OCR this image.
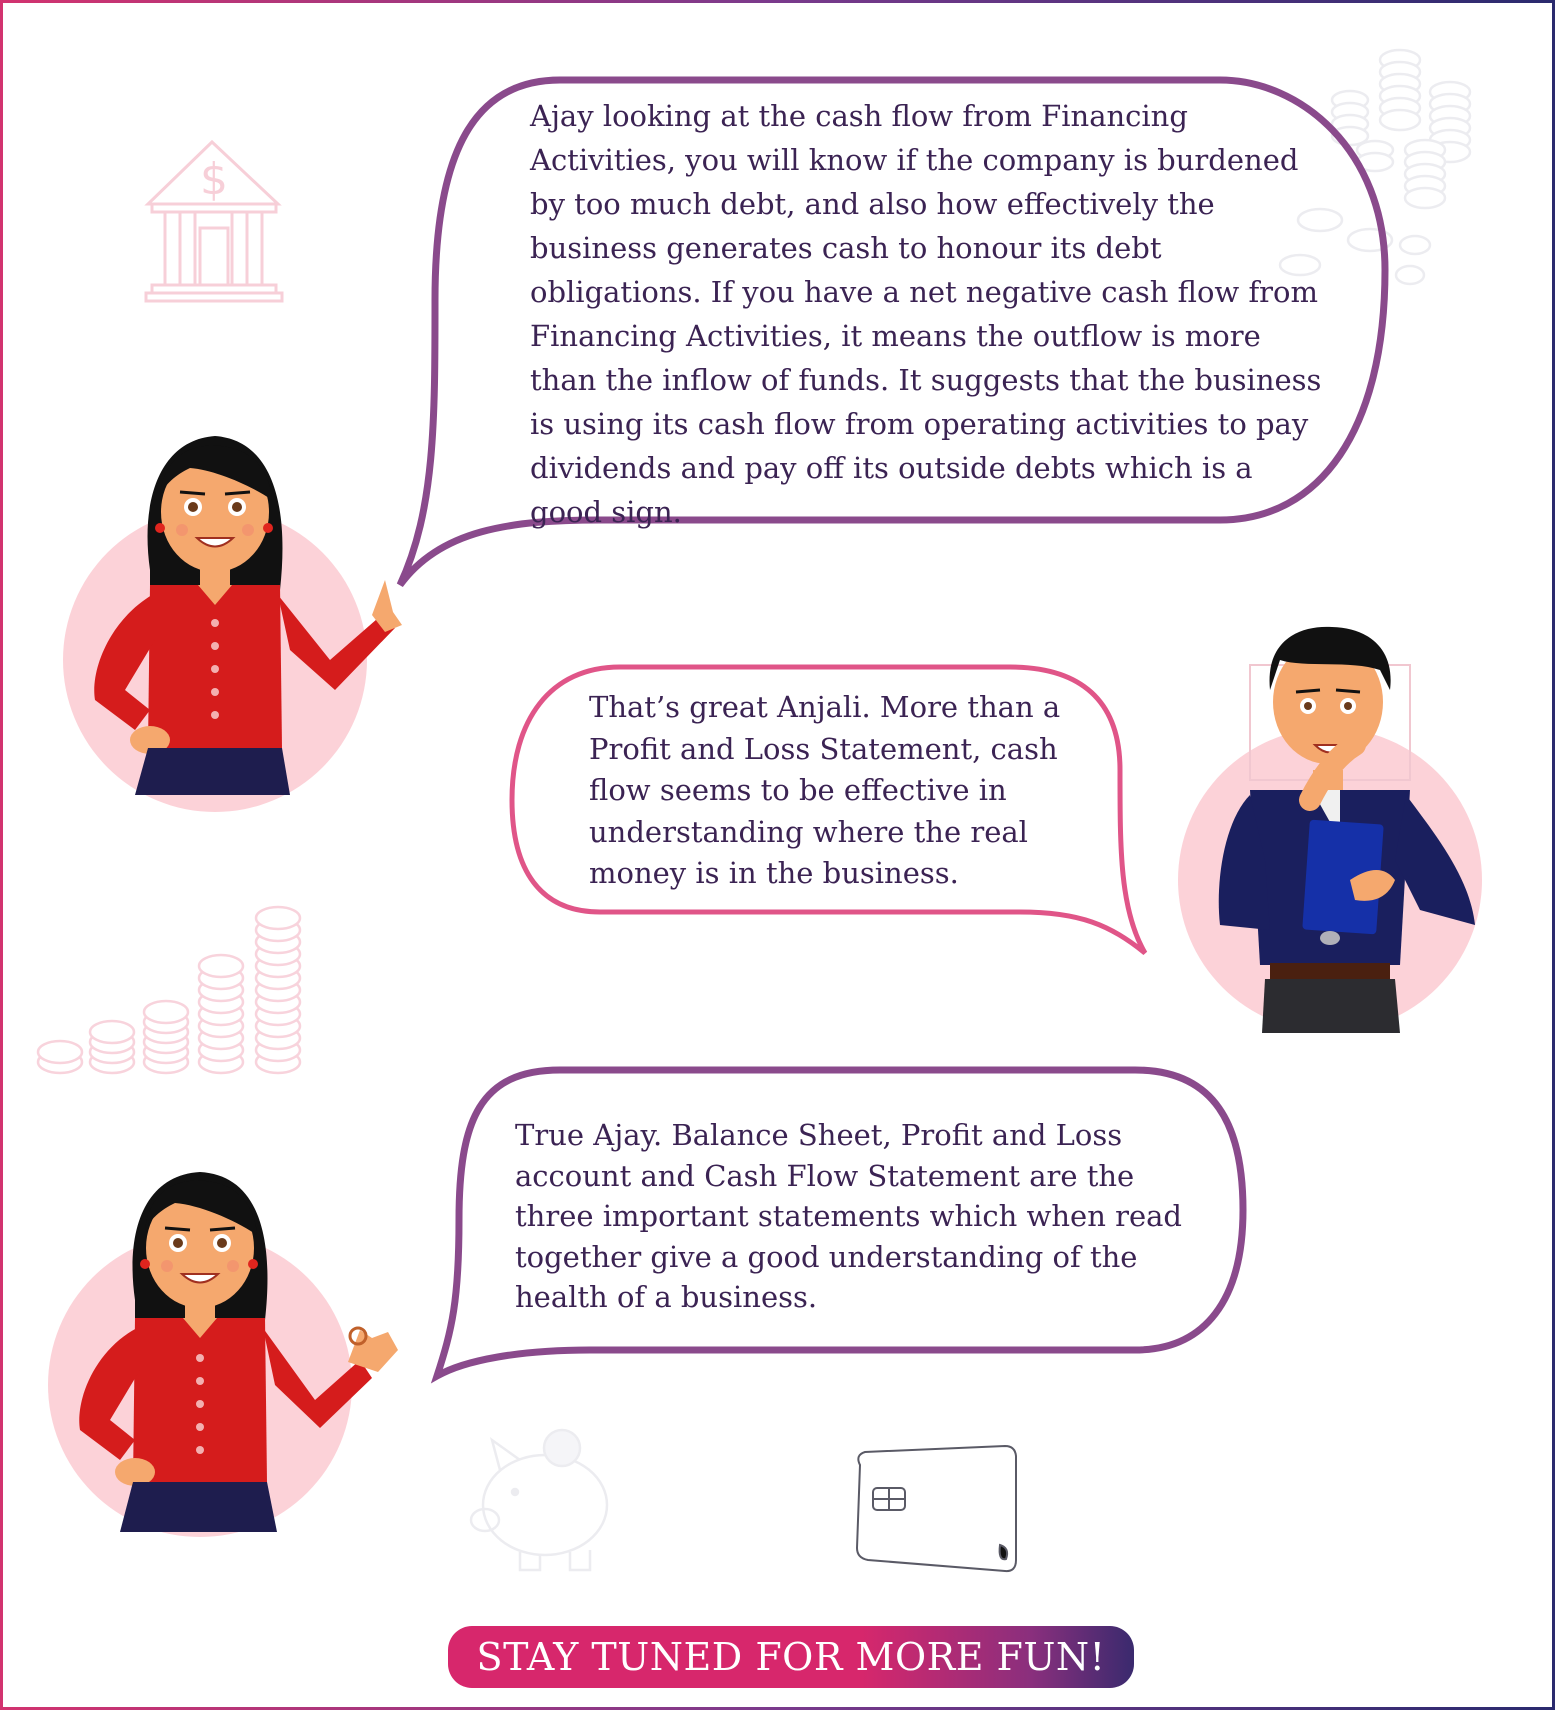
$
Ajay looking at the cash flow from Financing Activities, you will know if the company is burdened by too much debt, and also how effectively the business generates cash to honour its debt obligations. If you have a net negative cash flow from Financing Activities, it means the outflow is more than the inflow of funds. It suggests that the business is using its cash flow from operating activities to pay dividends and pay off its outside debts which is a good sign.
That’s great Anjali. More than a Profit and Loss Statement, cash flow seems to be effective in understanding where the real money is in the business.
True Ajay. Balance Sheet, Profit and Loss account and Cash Flow Statement are the three important statements which when read together give a good understanding of the health of a business.
STAY TUNED FOR MORE FUN!
